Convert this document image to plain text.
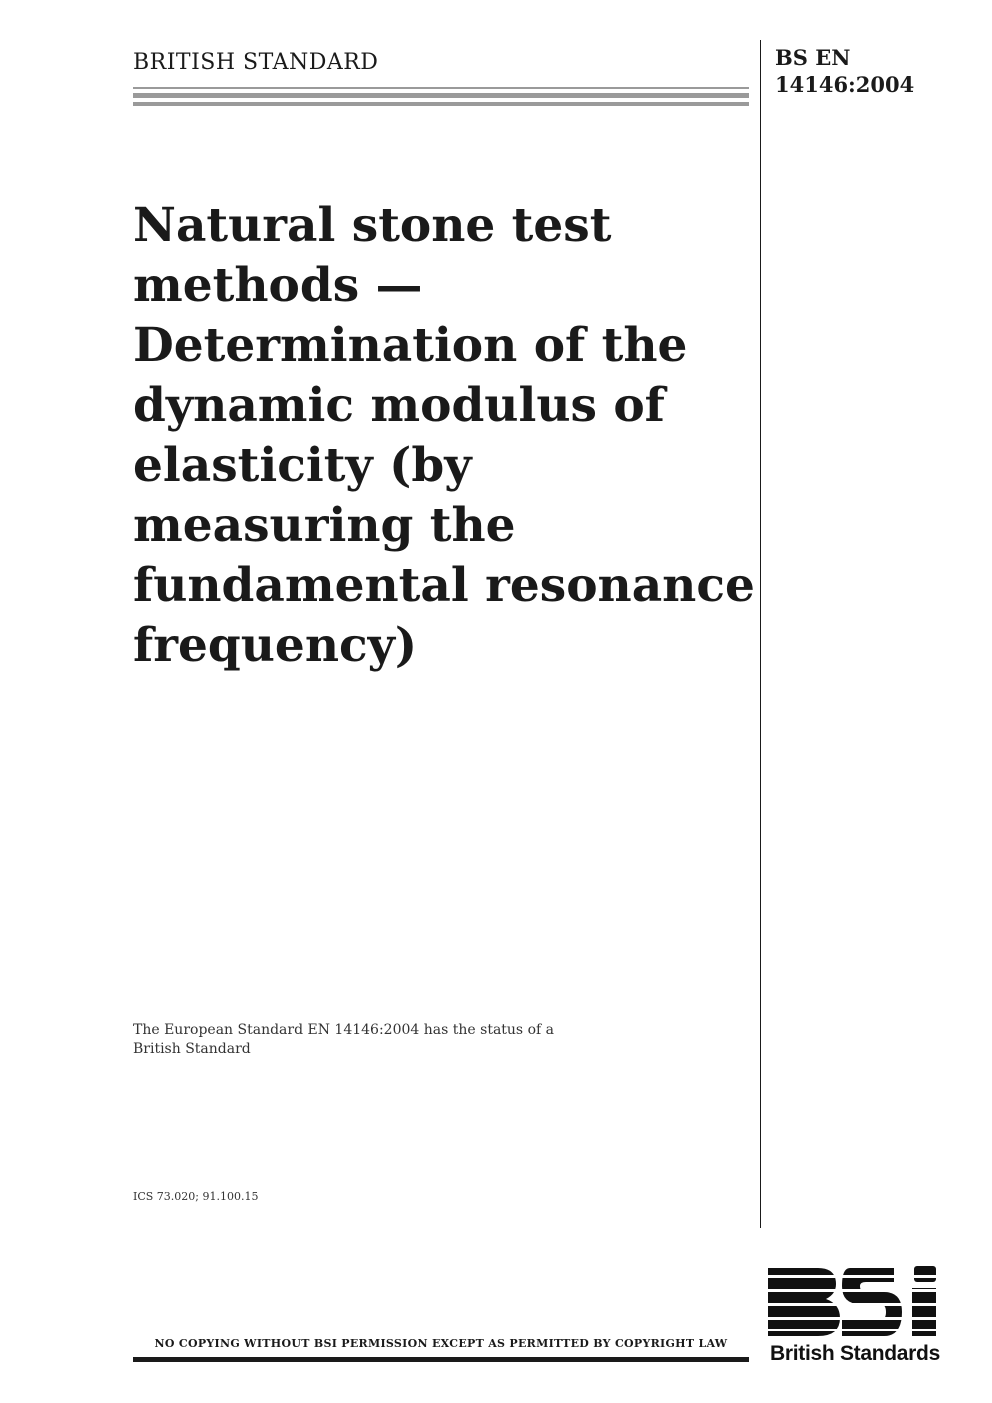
BRITISH STANDARD	BS EN
14146:2004
Natural stone test
methods —
Determination of the
dynamic modulus of
elasticity (by
measuring the
fundamental resonance
frequency)
The European Standard EN 14146:2004 has the status of a
British Standard
ICS 73.020; 91.100.15
NO COPYING WITHOUT BSI PERMISSION EXCEPT AS PERMITTED BY COPYRIGHT LAW	British Standards
